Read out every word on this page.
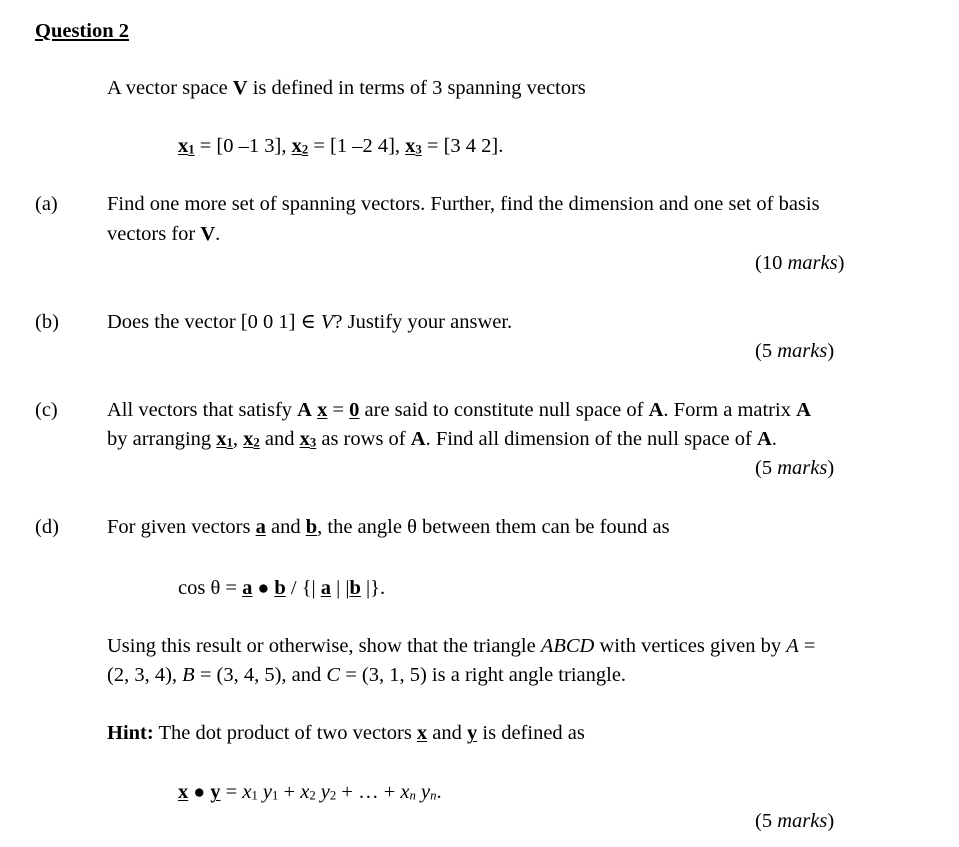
Question 2
A vector space V is defined in terms of 3 spanning vectors
x1 = [0 –1 3], x2 = [1 –2 4], x3 = [3 4 2].
(a) Find one more set of spanning vectors. Further, find the dimension and one set of basis
vectors for V.
(10 marks)
(b) Does the vector [0 0 1] ∈ V? Justify your answer.
(5 marks)
(c) All vectors that satisfy A x = 0 are said to constitute null space of A. Form a matrix A
by arranging x1, x2 and x3 as rows of A. Find all dimension of the null space of A.
(5 marks)
(d) For given vectors a and b, the angle θ between them can be found as
cos θ = a ● b / {| a | |b |}.
Using this result or otherwise, show that the triangle ABCD with vertices given by A =
(2, 3, 4), B = (3, 4, 5), and C = (3, 1, 5) is a right angle triangle.
Hint: The dot product of two vectors x and y is defined as
x ● y = x1 y1 + x2 y2 + … + xn yn.
(5 marks)
